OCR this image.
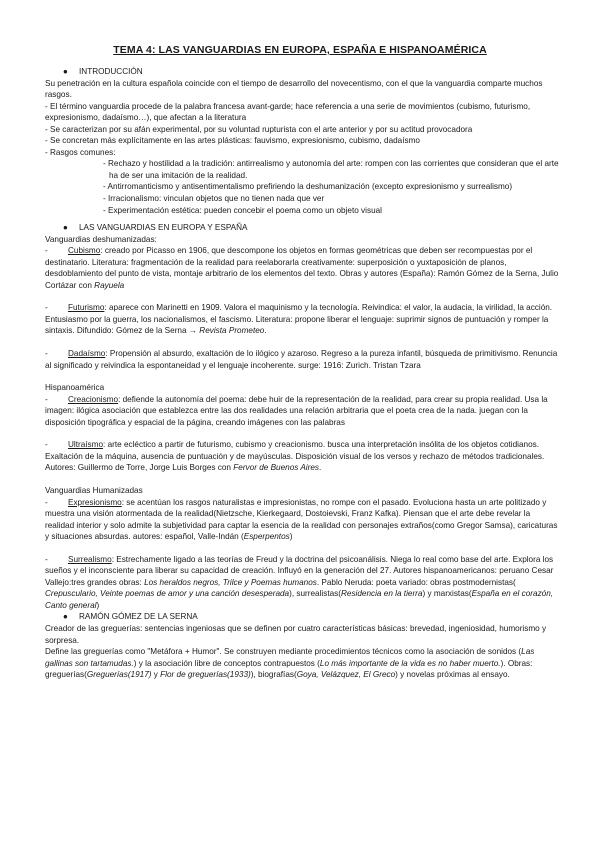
TEMA 4: LAS VANGUARDIAS EN EUROPA, ESPAÑA E HISPANOAMÉRICA

● INTRODUCCIÓN

Su penetración en la cultura española coincide con el tiempo de desarrollo del novecentismo, con el que la vanguardia comparte muchos rasgos.

- El término vanguardia procede de la palabra francesa avant-garde; hace referencia a una serie de movimientos (cubismo, futurismo, expresionismo, dadaísmo…), que afectan a la literatura

- Se caracterizan por su afán experimental, por su voluntad rupturista con el arte anterior y por su actitud provocadora

- Se concretan más explícitamente en las artes plásticas: fauvismo, expresionismo, cubismo, dadaísmo

- Rasgos comunes:

- Rechazo y hostilidad a la tradición: antirrealismo y autonomía del arte: rompen con las corrientes que consideran que el arte ha de ser una imitación de la realidad.

- Antirromanticismo y antisentimentalismo prefiriendo la deshumanización (excepto expresionismo y surrealismo)

- Irracionalismo: vinculan objetos que no tienen nada que ver

- Experimentación estética: pueden concebir el poema como un objeto visual

● LAS VANGUARDIAS EN EUROPA Y ESPAÑA

Vanguardias deshumanizadas:

- Cubismo: creado por Picasso en 1906, que descompone los objetos en formas geométricas que deben ser recompuestas por el destinatario. Literatura: fragmentación de la realidad para reelaborarla creativamente: superposición o yuxtaposición de planos, desdoblamiento del punto de vista, montaje arbitrario de los elementos del texto. Obras y autores (España): Ramón Gómez de la Serna, Julio Cortázar con Rayuela

- Futurismo: aparece con Marinetti en 1909. Valora el maquinismo y la tecnología. Reivindica: el valor, la audacia, la virilidad, la acción. Entusiasmo por la guerra, los nacionalismos, el fascismo. Literatura: propone liberar el lenguaje: suprimir signos de puntuación y romper la sintaxis. Difundido: Gómez de la Serna → Revista Prometeo.

- Dadaísmo: Propensión al absurdo, exaltación de lo ilógico y azaroso. Regreso a la pureza infantil, búsqueda de primitivismo. Renuncia al significado y reivindica la espontaneidad y el lenguaje incoherente. surge: 1916: Zurich. Tristan Tzara

Hispanoamérica

- Creacionismo: defiende la autonomía del poema: debe huir de la representación de la realidad, para crear su propia realidad. Usa la imagen: ilógica asociación que establezca entre las dos realidades una relación arbitraria que el poeta crea de la nada. juegan con la disposición tipográfica y espacial de la página, creando imágenes con las palabras

- Ultraísmo: arte ecléctico a partir de futurismo, cubismo y creacionismo. busca una interpretación insólita de los objetos cotidianos. Exaltación de la máquina, ausencia de puntuación y de mayúsculas. Disposición visual de los versos y rechazo de métodos tradicionales. Autores: Guillermo de Torre, Jorge Luis Borges con Fervor de Buenos Aires.

Vanguardias Humanizadas

- Expresionismo: se acentúan los rasgos naturalistas e impresionistas, no rompe con el pasado. Evoluciona hasta un arte politizado y muestra una visión atormentada de la realidad(Nietzsche, Kierkegaard, Dostoievski, Franz Kafka). Piensan que el arte debe revelar la realidad interior y solo admite la subjetividad para captar la esencia de la realidad con personajes extraños(como Gregor Samsa), caricaturas y situaciones absurdas. autores: español, Valle-Indán (Esperpentos)

- Surrealismo: Estrechamente ligado a las teorías de Freud y la doctrina del psicoanálisis. Niega lo real como base del arte. Explora los sueños y el inconsciente para liberar su capacidad de creación. Influyó en la generación del 27. Autores hispanoamericanos: peruano Cesar Vallejo:tres grandes obras: Los heraldos negros, Trilce y Poemas humanos. Pablo Neruda: poeta variado: obras postmodernistas( Crepusculario, Veinte poemas de amor y una canción desesperada), surrealistas(Residencia en la tierra) y marxistas(España en el corazón, Canto general)

● RAMÓN GÓMEZ DE LA SERNA

Creador de las greguerías: sentencias ingeniosas que se definen por cuatro características básicas: brevedad, ingeniosidad, humorismo y sorpresa.

Define las greguerías como "Metáfora + Humor". Se construyen mediante procedimientos técnicos como la asociación de sonidos (Las gallinas son tartamudas.) y la asociación libre de conceptos contrapuestos (Lo más importante de la vida es no haber muerto.). Obras: greguerías(Greguerías(1917) y Flor de greguerías(1933)), biografías(Goya, Velázquez, El Greco) y novelas próximas al ensayo.
